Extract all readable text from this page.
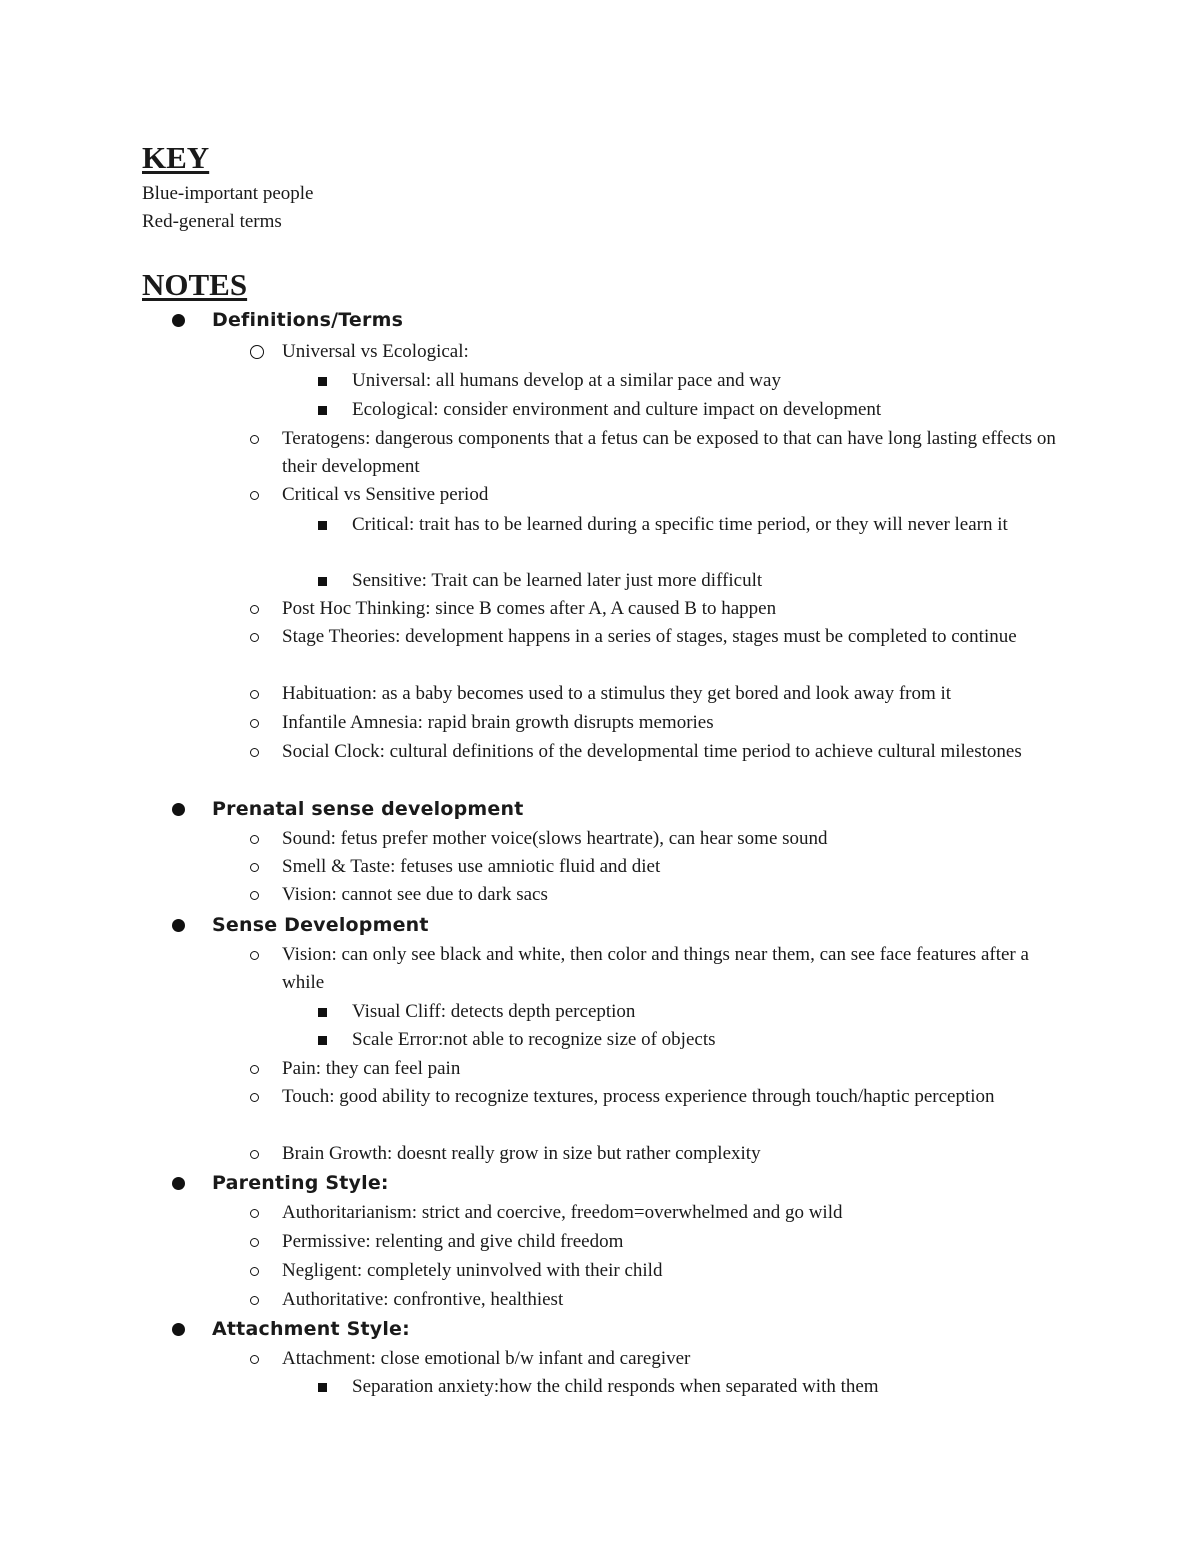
KEY
Blue-important people
Red-general terms
NOTES
Definitions/Terms
Universal vs Ecological:
Universal: all humans develop at a similar pace and way
Ecological: consider environment and culture impact on development
Teratogens: dangerous components that a fetus can be exposed to that can have long lasting effects on their development
Critical vs Sensitive period
Critical: trait has to be learned during a specific time period, or they will never learn it
Sensitive: Trait can be learned later just more difficult
Post Hoc Thinking: since B comes after A, A caused B to happen
Stage Theories: development happens in a series of stages, stages must be completed to continue
Habituation: as a baby becomes used to a stimulus they get bored and look away from it
Infantile Amnesia: rapid brain growth disrupts memories
Social Clock: cultural definitions of the developmental time period to achieve cultural milestones
Prenatal sense development
Sound: fetus prefer mother voice(slows heartrate), can hear some sound
Smell & Taste: fetuses use amniotic fluid and diet
Vision: cannot see due to dark sacs
Sense Development
Vision: can only see black and white, then color and things near them, can see face features after a while
Visual Cliff: detects depth perception
Scale Error:not able to recognize size of objects
Pain: they can feel pain
Touch: good ability to recognize textures, process experience through touch/haptic perception
Brain Growth: doesnt really grow in size but rather complexity
Parenting Style:
Authoritarianism: strict and coercive, freedom=overwhelmed and go wild
Permissive: relenting and give child freedom
Negligent: completely uninvolved with their child
Authoritative: confrontive, healthiest
Attachment Style:
Attachment: close emotional b/w infant and caregiver
Separation anxiety:how the child responds when separated with them
